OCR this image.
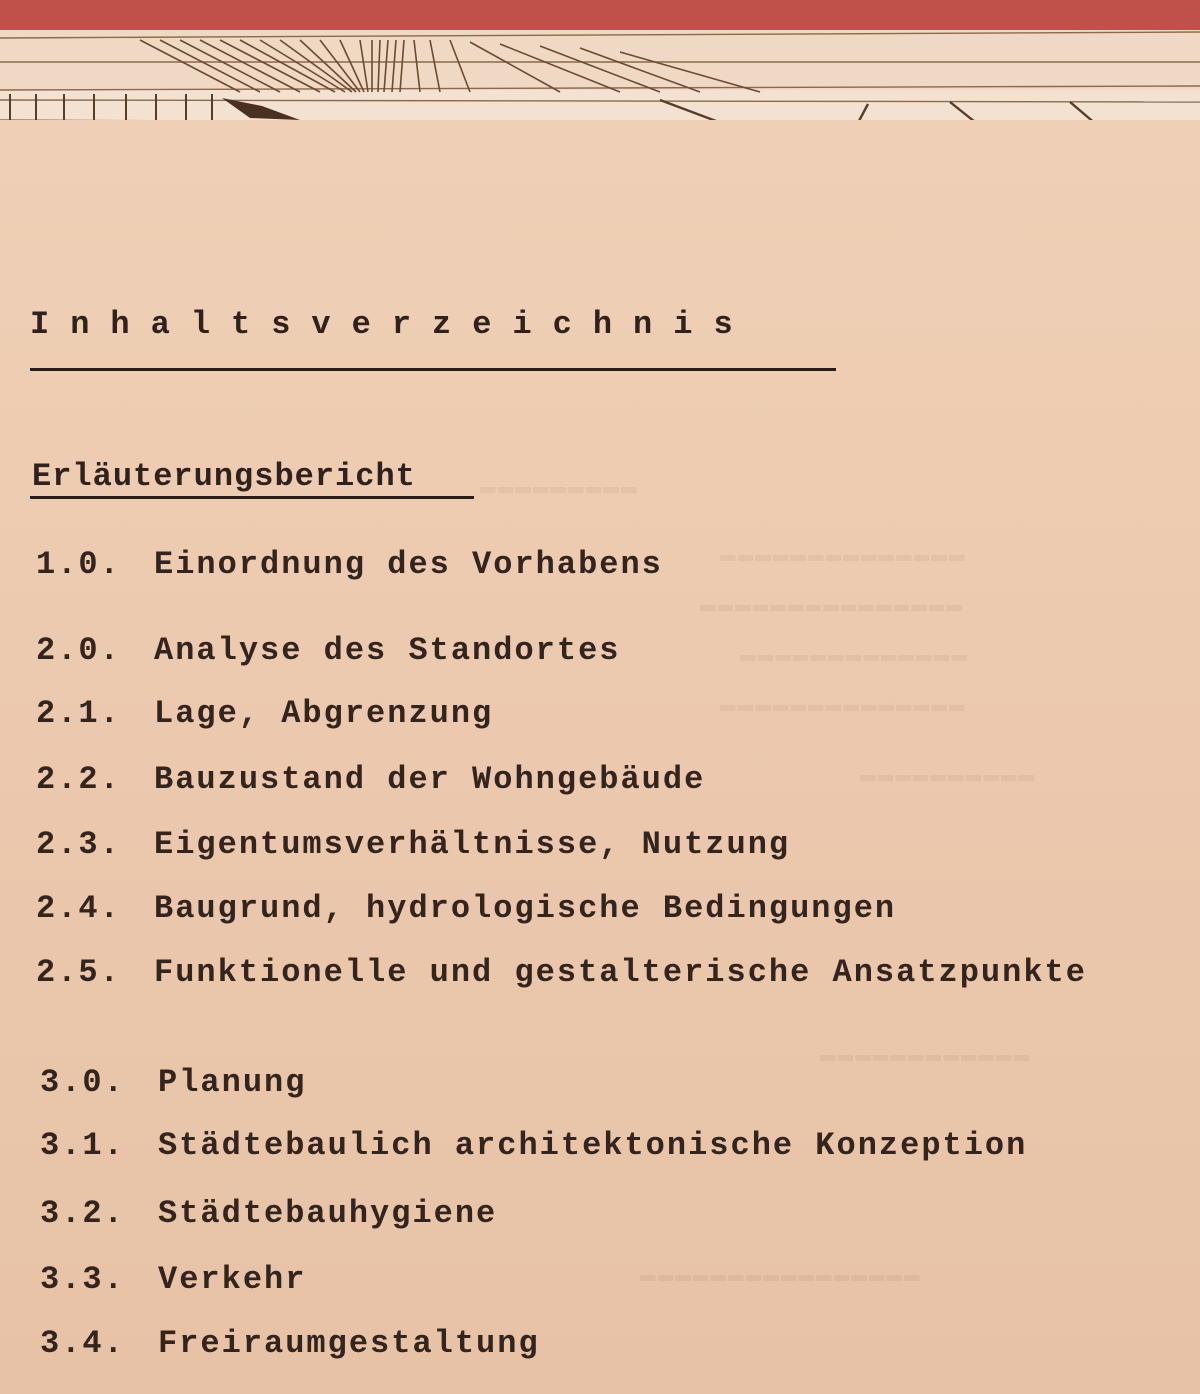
▬▬▬▬▬▬▬▬▬
▬▬▬▬▬▬▬▬▬▬▬▬▬▬
▬▬▬▬▬▬▬▬▬▬▬▬▬▬▬
▬▬▬▬▬▬▬▬▬▬▬▬▬
▬▬▬▬▬▬▬▬▬▬▬▬▬▬
▬▬▬▬▬▬▬▬▬▬
▬▬▬▬▬▬▬▬▬▬▬▬
▬▬▬▬▬▬▬▬▬▬▬▬▬▬▬▬
Inhaltsverzeichnis
Erläuterungsbericht
1.0. Einordnung des Vorhabens
2.0. Analyse des Standortes
2.1. Lage, Abgrenzung
2.2. Bauzustand der Wohngebäude
2.3. Eigentumsverhältnisse, Nutzung
2.4. Baugrund, hydrologische Bedingungen
2.5. Funktionelle und gestalterische Ansatzpunkte
3.0. Planung
3.1. Städtebaulich architektonische Konzeption
3.2. Städtebauhygiene
3.3. Verkehr
3.4. Freiraumgestaltung
